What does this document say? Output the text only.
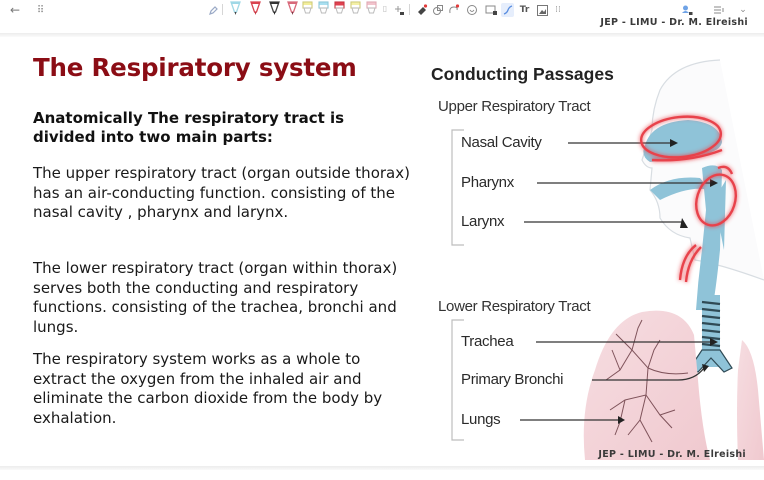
← ⠿	▯	Tr	⁞⁞	⌄
JEP - LIMU - Dr. M. Elreishi
The Respiratory system
Anatomically The respiratory tract is divided into two main parts:
The upper respiratory tract (organ outside thorax) has an air-conducting function. consisting of the nasal cavity , pharynx and larynx.
The lower respiratory tract (organ within thorax) serves both the conducting and respiratory functions. consisting of the trachea, bronchi and lungs.
The respiratory system works as a whole to extract the oxygen from the inhaled air and eliminate the carbon dioxide from the body by exhalation.
Conducting Passages
Upper Respiratory Tract
Nasal Cavity
Pharynx
Larynx
Lower Respiratory Tract
Trachea
Primary Bronchi
Lungs
JEP - LIMU - Dr. M. Elreishi
